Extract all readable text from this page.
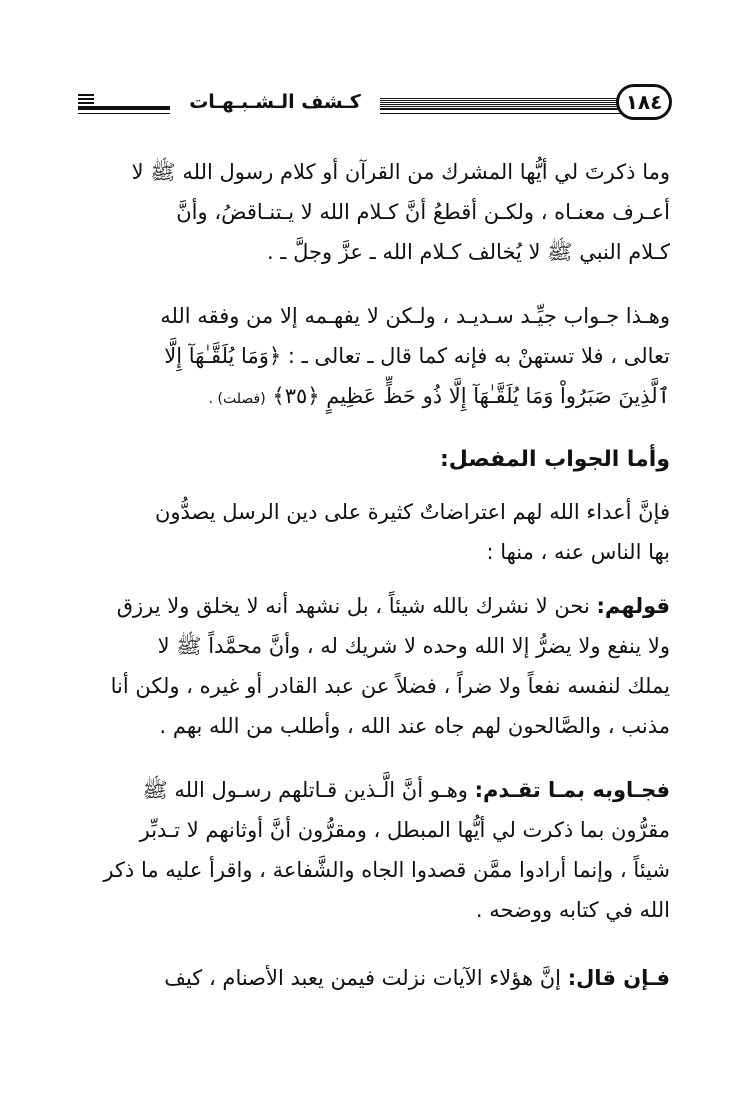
كـشف الـشـبـهـات	١٨٤
وما ذكرتَ لي أيُّها المشرك من القرآن أو كلام رسول الله ﷺ لا
أعـرف معنـاه ، ولكـن أقطعُ أنَّ كـلام الله لا يـتنـاقضُ، وأنَّ
كـلام النبي ﷺ لا يُخالف كـلام الله ـ عزَّ وجلَّ ـ .
وهـذا جـواب جيِّـد سـديـد ، ولـكن لا يفهـمه إلا من وفقه الله
تعالى ، فلا تستهنْ به فإنه كما قال ـ تعالى ـ : ﴿وَمَا يُلَقَّـٰهَآ إِلَّا
ٱلَّذِينَ صَبَرُواْ وَمَا يُلَقَّـٰهَآ إِلَّا ذُو حَظٍّ عَظِيمٍ ﴿٣٥﴾ (فصلت) .
وأما الجواب المفصل:
فإنَّ أعداء الله لهم اعتراضاتٌ كثيرة على دين الرسل يصدُّون
بها الناس عنه ، منها :
قولهم: نحن لا نشرك بالله شيئاً ، بل نشهد أنه لا يخلق ولا يرزق
ولا ينفع ولا يضرُّ إلا الله وحده لا شريك له ، وأنَّ محمَّداً ﷺ لا
يملك لنفسه نفعاً ولا ضراً ، فضلاً عن عبد القادر أو غيره ، ولكن أنا
مذنب ، والصَّالحون لهم جاه عند الله ، وأطلب من الله بهم .
فجـاوبه بمـا تقـدم: وهـو أنَّ الَّـذين قـاتلهم رسـول الله ﷺ
مقرُّون بما ذكرت لي أيُّها المبطل ، ومقرُّون أنَّ أوثانهم لا تـدبِّر
شيئاً ، وإنما أرادوا ممَّن قصدوا الجاه والشَّفاعة ، واقرأ عليه ما ذكر
الله في كتابه ووضحه .
فـإن قال: إنَّ هؤلاء الآيات نزلت فيمن يعبد الأصنام ، كيف
